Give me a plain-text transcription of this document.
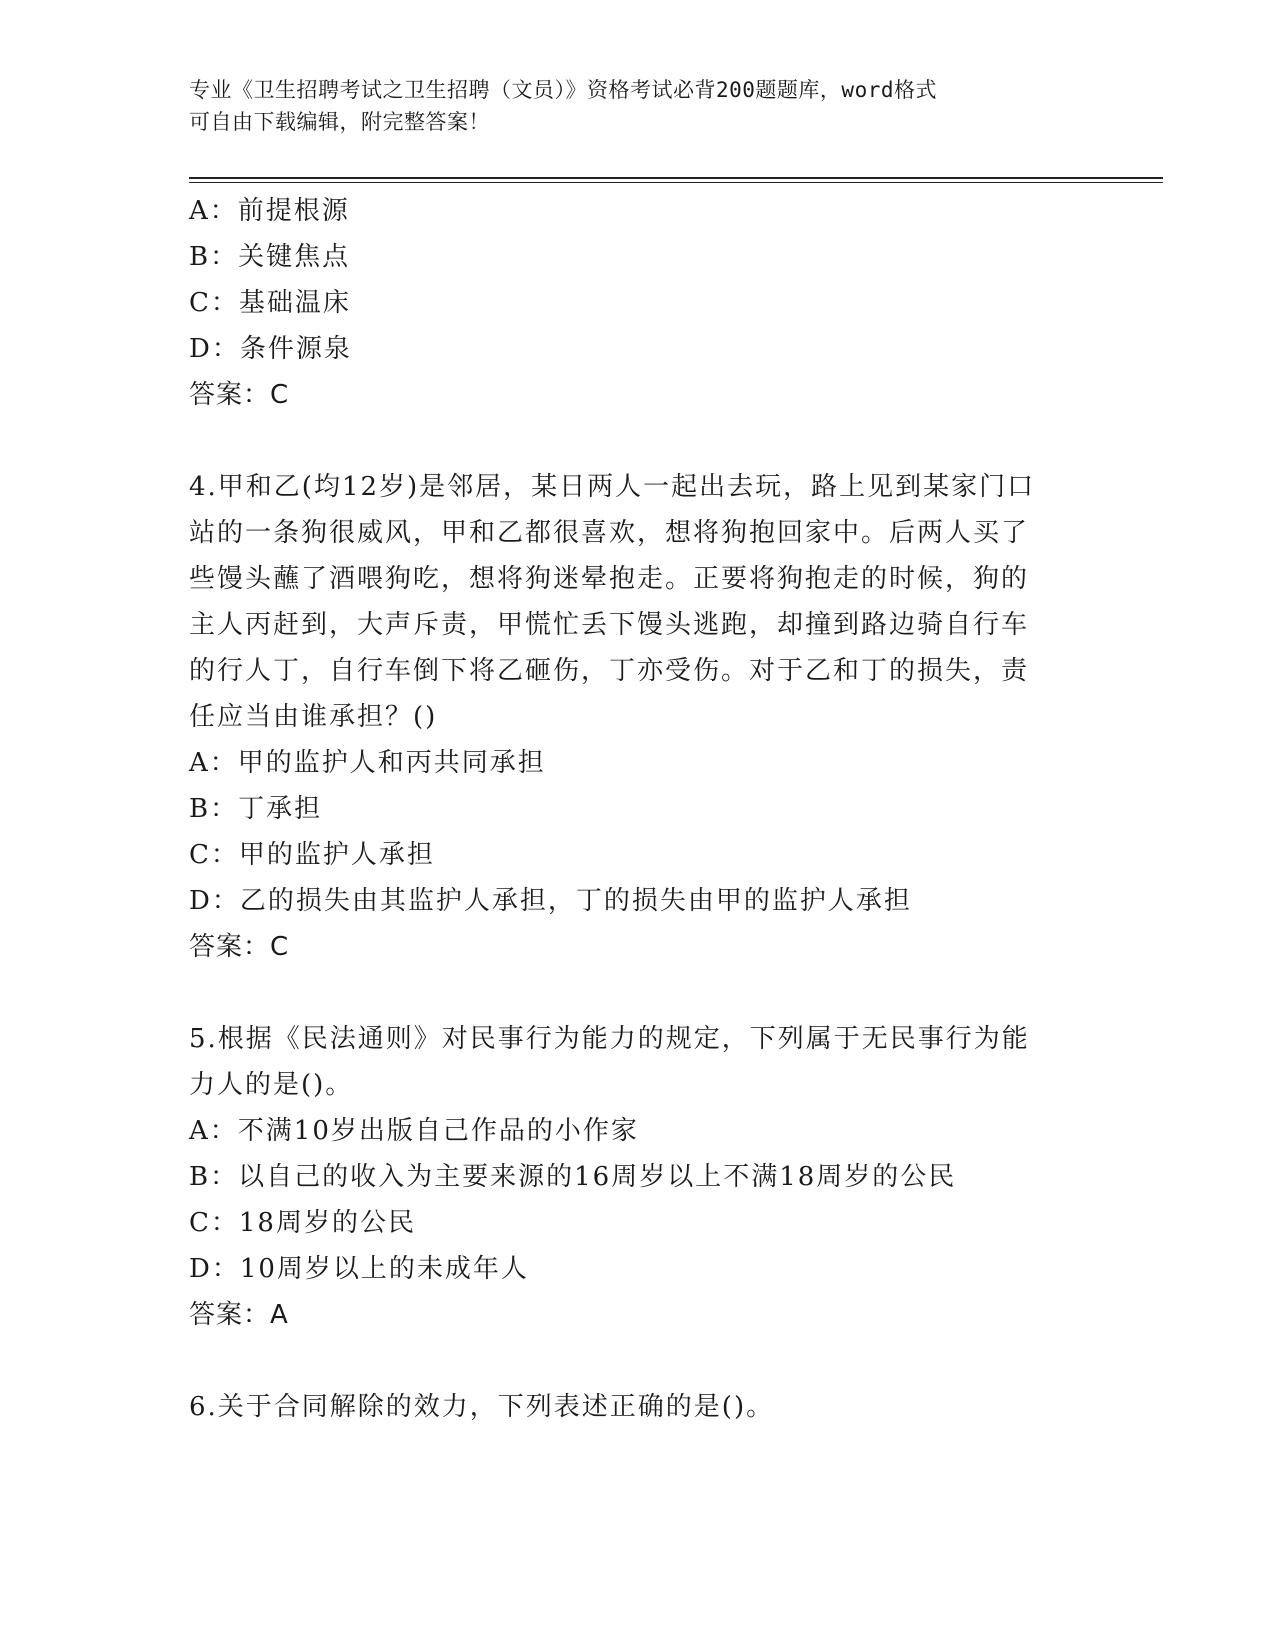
专业《卫生招聘考试之卫生招聘（文员）》资格考试必背200题题库，word格式
可自由下载编辑，附完整答案！
A：前提根源
B：关键焦点
C：基础温床
D：条件源泉
答案：C
4.甲和乙(均12岁)是邻居，某日两人一起出去玩，路上见到某家门口
站的一条狗很威风，甲和乙都很喜欢，想将狗抱回家中。后两人买了
些馒头蘸了酒喂狗吃，想将狗迷晕抱走。正要将狗抱走的时候，狗的
主人丙赶到，大声斥责，甲慌忙丢下馒头逃跑，却撞到路边骑自行车
的行人丁，自行车倒下将乙砸伤，丁亦受伤。对于乙和丁的损失，责
任应当由谁承担？()
A：甲的监护人和丙共同承担
B：丁承担
C：甲的监护人承担
D：乙的损失由其监护人承担，丁的损失由甲的监护人承担
答案：C
5.根据《民法通则》对民事行为能力的规定，下列属于无民事行为能
力人的是()。
A：不满10岁出版自己作品的小作家
B：以自己的收入为主要来源的16周岁以上不满18周岁的公民
C：18周岁的公民
D：10周岁以上的未成年人
答案：A
6.关于合同解除的效力，下列表述正确的是()。
